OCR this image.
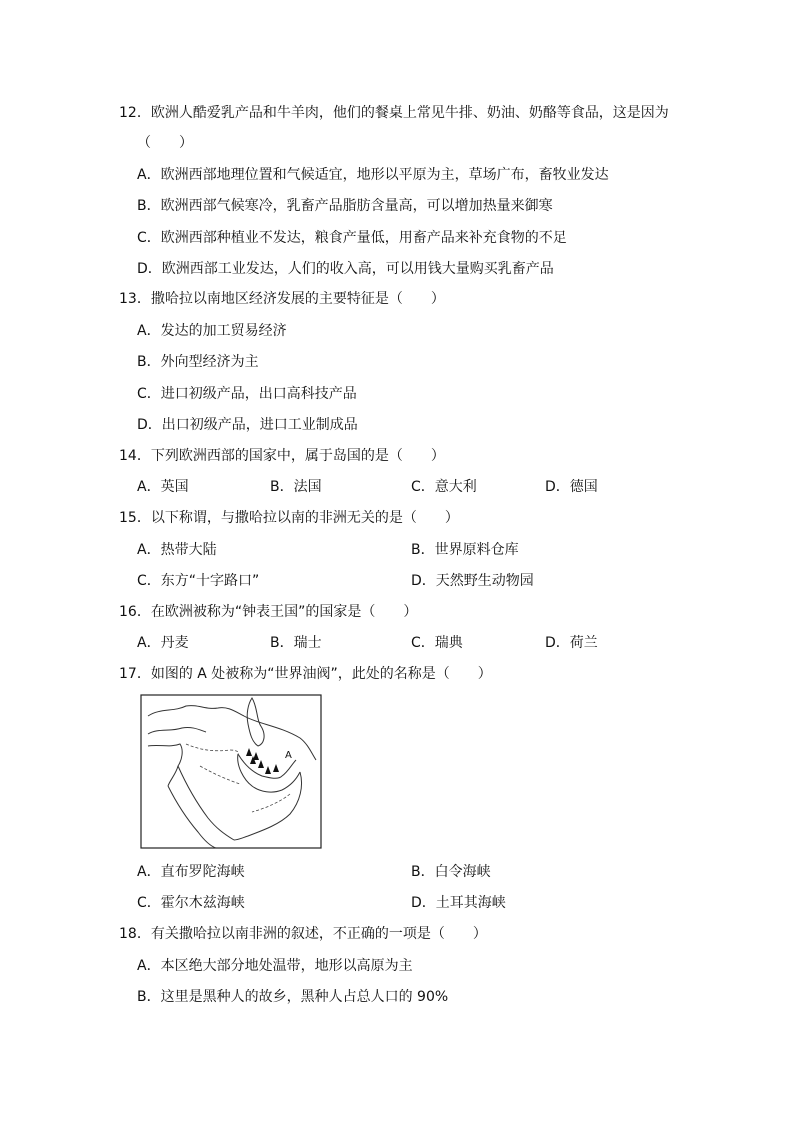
12．欧洲人酷爱乳产品和牛羊肉，他们的餐桌上常见牛排、奶油、奶酪等食品，这是因为
（　　）
A．欧洲西部地理位置和气候适宜，地形以平原为主，草场广布，畜牧业发达
B．欧洲西部气候寒冷，乳畜产品脂肪含量高，可以增加热量来御寒
C．欧洲西部种植业不发达，粮食产量低，用畜产品来补充食物的不足
D．欧洲西部工业发达，人们的收入高，可以用钱大量购买乳畜产品
13．撒哈拉以南地区经济发展的主要特征是（　　）
A．发达的加工贸易经济
B．外向型经济为主
C．进口初级产品，出口高科技产品
D．出口初级产品，进口工业制成品
14．下列欧洲西部的国家中，属于岛国的是（　　）
A．英国	B．法国	C．意大利	D．德国
15．以下称谓，与撒哈拉以南的非洲无关的是（　　）
A．热带大陆	B．世界原料仓库
C．东方“十字路口”	D．天然野生动物园
16．在欧洲被称为“钟表王国”的国家是（　　）
A．丹麦	B．瑞士	C．瑞典	D．荷兰
17．如图的 A 处被称为“世界油阀”，此处的名称是（　　）
A
A．直布罗陀海峡	B．白令海峡
C．霍尔木兹海峡	D．土耳其海峡
18．有关撒哈拉以南非洲的叙述，不正确的一项是（　　）
A．本区绝大部分地处温带，地形以高原为主
B．这里是黑种人的故乡，黑种人占总人口的 90%
